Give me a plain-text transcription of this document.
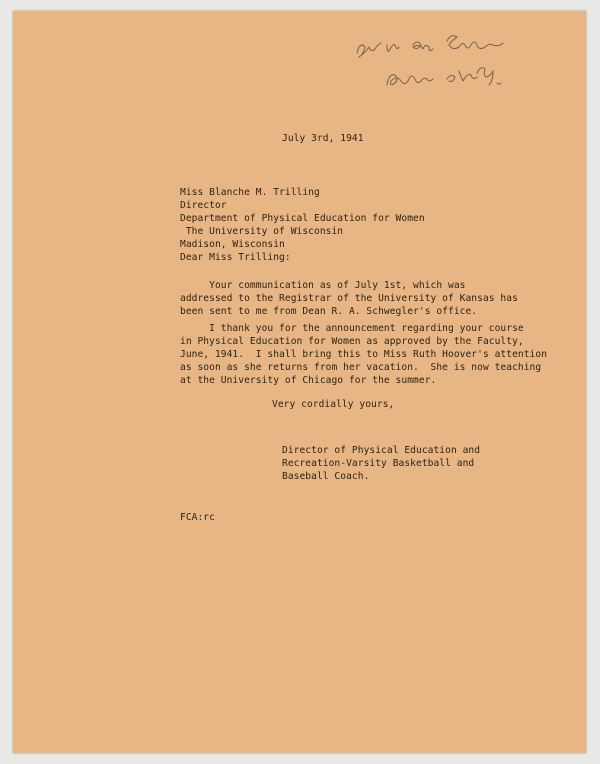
July 3rd, 1941

Miss Blanche M. Trilling
Director
Department of Physical Education for Women
The University of Wisconsin
Madison, Wisconsin

Dear Miss Trilling:

Your communication as of July 1st, which was
addressed to the Registrar of the University of Kansas has
been sent to me from Dean R. A. Schwegler's office.
I thank you for the announcement regarding your course
in Physical Education for Women as approved by the Faculty,
June, 1941.  I shall bring this to Miss Ruth Hoover's attention
as soon as she returns from her vacation.  She is now teaching
at the University of Chicago for the summer.

Very cordially yours,

Director of Physical Education and
Recreation-Varsity Basketball and
Baseball Coach.

FCA:rc
